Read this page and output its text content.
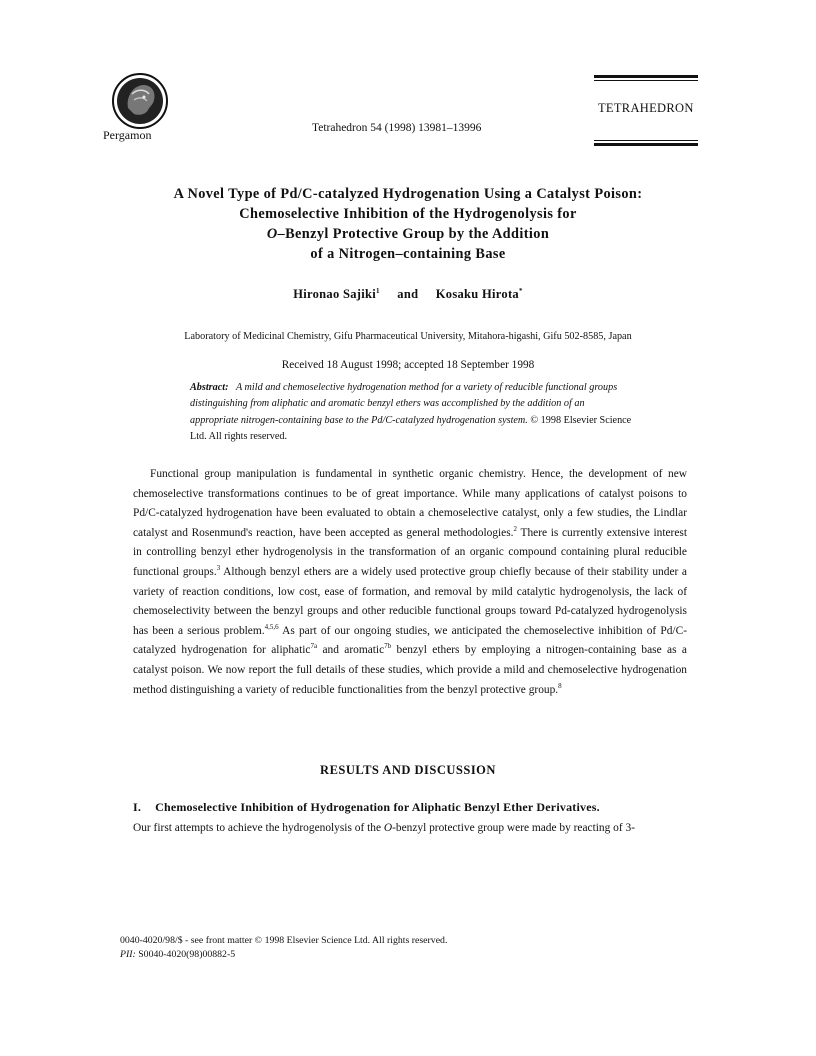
Pergamon	Tetrahedron 54 (1998) 13981–13996
TETRAHEDRON
A Novel Type of Pd/C-catalyzed Hydrogenation Using a Catalyst Poison:
Chemoselective Inhibition of the Hydrogenolysis for
O–Benzyl Protective Group by the Addition
of a Nitrogen–containing Base
Hironao Sajiki$^1$ and Kosaku Hirota*
Laboratory of Medicinal Chemistry, Gifu Pharmaceutical University, Mitahora-higashi, Gifu 502-8585, Japan
Received 18 August 1998; accepted 18 September 1998
Abstract: A mild and chemoselective hydrogenation method for a variety of reducible functional groups distinguishing from aliphatic and aromatic benzyl ethers was accomplished by the addition of an appropriate nitrogen-containing base to the Pd/C-catalyzed hydrogenation system. © 1998 Elsevier Science Ltd. All rights reserved.
Functional group manipulation is fundamental in synthetic organic chemistry. Hence, the development of new chemoselective transformations continues to be of great importance. While many applications of catalyst poisons to Pd/C-catalyzed hydrogenation have been evaluated to obtain a chemoselective catalyst, only a few studies, the Lindlar catalyst and Rosenmund's reaction, have been accepted as general methodologies.$^2$ There is currently extensive interest in controlling benzyl ether hydrogenolysis in the transformation of an organic compound containing plural reducible functional groups.$^3$ Although benzyl ethers are a widely used protective group chiefly because of their stability under a variety of reaction conditions, low cost, ease of formation, and removal by mild catalytic hydrogenolysis, the lack of chemoselectivity between the benzyl groups and other reducible functional groups toward Pd-catalyzed hydrogenolysis has been a serious problem.$^{4,5,6}$ As part of our ongoing studies, we anticipated the chemoselective inhibition of Pd/C-catalyzed hydrogenation for aliphatic$^{7a}$ and aromatic$^{7b}$ benzyl ethers by employing a nitrogen-containing base as a catalyst poison. We now report the full details of these studies, which provide a mild and chemoselective hydrogenation method distinguishing a variety of reducible functionalities from the benzyl protective group.$^8$
RESULTS AND DISCUSSION
I. Chemoselective Inhibition of Hydrogenation for Aliphatic Benzyl Ether Derivatives.
Our first attempts to achieve the hydrogenolysis of the O-benzyl protective group were made by reacting of 3-
0040-4020/98/$ - see front matter © 1998 Elsevier Science Ltd. All rights reserved.
PII: S0040-4020(98)00882-5
